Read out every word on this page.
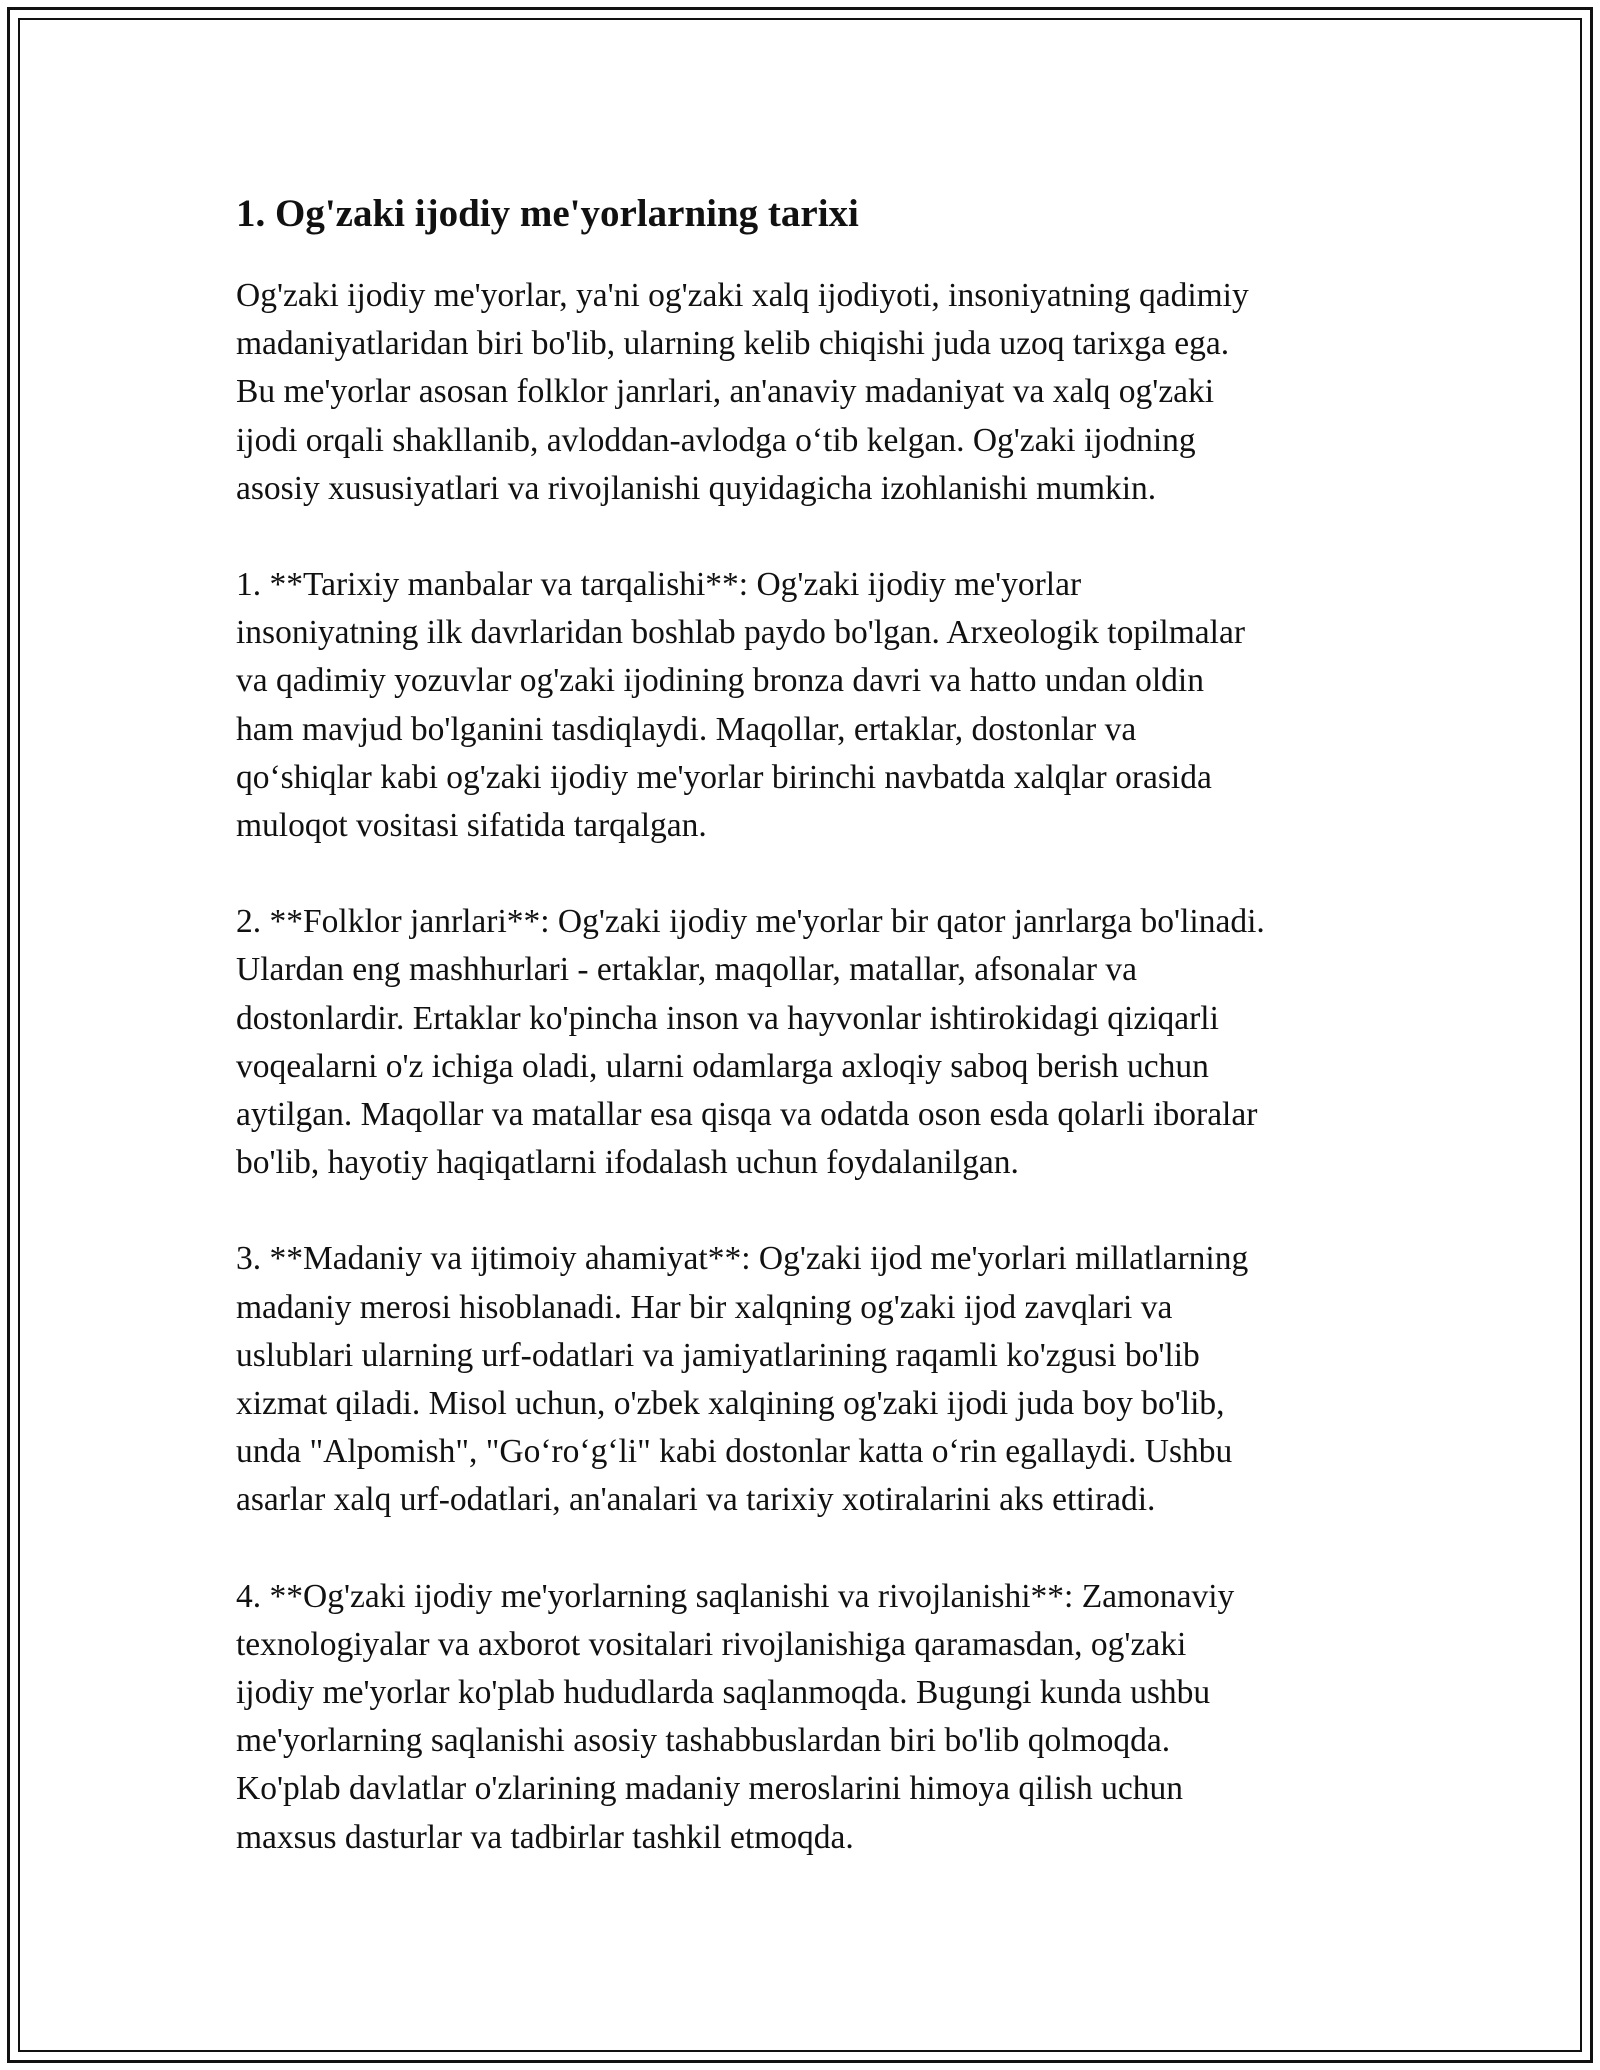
1. Og'zaki ijodiy me'yorlarning tarixi

Og'zaki ijodiy me'yorlar, ya'ni og'zaki xalq ijodiyoti, insoniyatning qadimiy
madaniyatlaridan biri bo'lib, ularning kelib chiqishi juda uzoq tarixga ega.
Bu me'yorlar asosan folklor janrlari, an'anaviy madaniyat va xalq og'zaki
ijodi orqali shakllanib, avloddan-avlodga o‘tib kelgan. Og'zaki ijodning
asosiy xususiyatlari va rivojlanishi quyidagicha izohlanishi mumkin.

1. **Tarixiy manbalar va tarqalishi**: Og'zaki ijodiy me'yorlar
insoniyatning ilk davrlaridan boshlab paydo bo'lgan. Arxeologik topilmalar
va qadimiy yozuvlar og'zaki ijodining bronza davri va hatto undan oldin
ham mavjud bo'lganini tasdiqlaydi. Maqollar, ertaklar, dostonlar va
qo‘shiqlar kabi og'zaki ijodiy me'yorlar birinchi navbatda xalqlar orasida
muloqot vositasi sifatida tarqalgan.

2. **Folklor janrlari**: Og'zaki ijodiy me'yorlar bir qator janrlarga bo'linadi.
Ulardan eng mashhurlari - ertaklar, maqollar, matallar, afsonalar va
dostonlardir. Ertaklar ko'pincha inson va hayvonlar ishtirokidagi qiziqarli
voqealarni o'z ichiga oladi, ularni odamlarga axloqiy saboq berish uchun
aytilgan. Maqollar va matallar esa qisqa va odatda oson esda qolarli iboralar
bo'lib, hayotiy haqiqatlarni ifodalash uchun foydalanilgan.

3. **Madaniy va ijtimoiy ahamiyat**: Og'zaki ijod me'yorlari millatlarning
madaniy merosi hisoblanadi. Har bir xalqning og'zaki ijod zavqlari va
uslublari ularning urf-odatlari va jamiyatlarining raqamli ko'zgusi bo'lib
xizmat qiladi. Misol uchun, o'zbek xalqining og'zaki ijodi juda boy bo'lib,
unda "Alpomish", "Go‘ro‘g‘li" kabi dostonlar katta o‘rin egallaydi. Ushbu
asarlar xalq urf-odatlari, an'analari va tarixiy xotiralarini aks ettiradi.

4. **Og'zaki ijodiy me'yorlarning saqlanishi va rivojlanishi**: Zamonaviy
texnologiyalar va axborot vositalari rivojlanishiga qaramasdan, og'zaki
ijodiy me'yorlar ko'plab hududlarda saqlanmoqda. Bugungi kunda ushbu
me'yorlarning saqlanishi asosiy tashabbuslardan biri bo'lib qolmoqda.
Ko'plab davlatlar o'zlarining madaniy meroslarini himoya qilish uchun
maxsus dasturlar va tadbirlar tashkil etmoqda.
